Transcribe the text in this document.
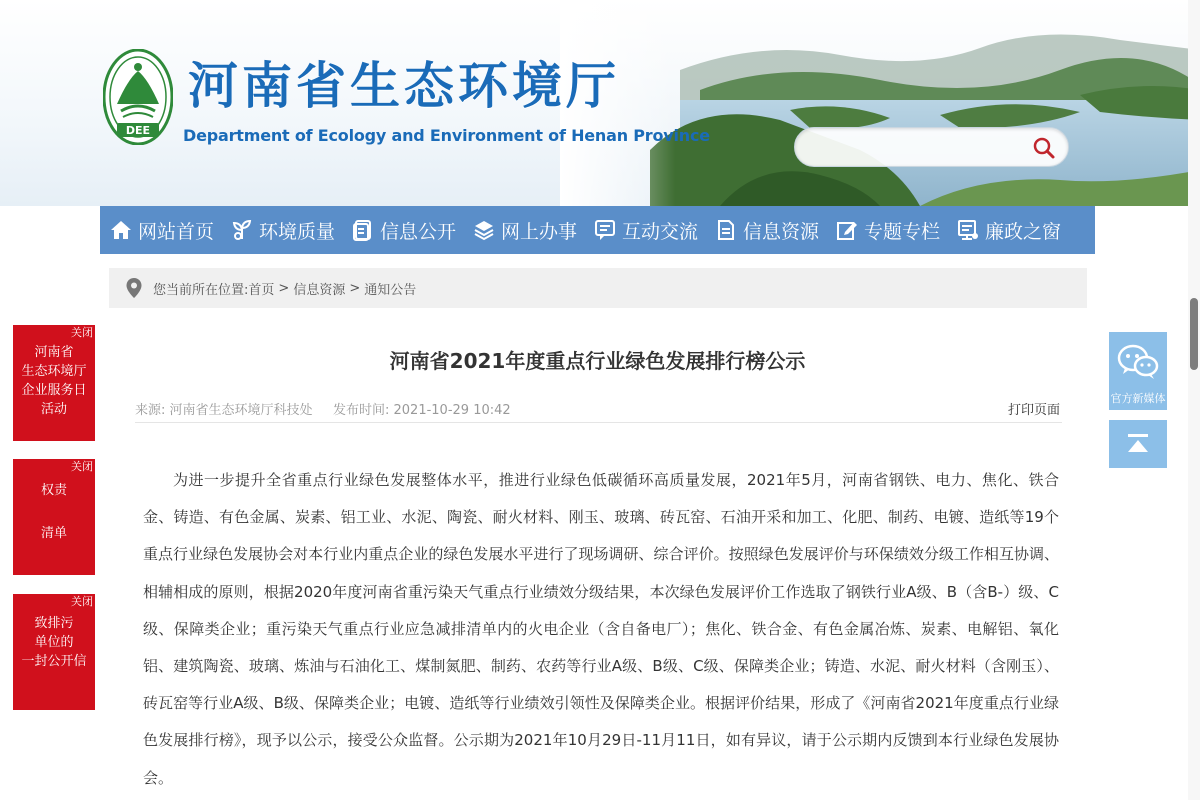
DEE
河南省生态环境厅
Department of Ecology and Environment of Henan Province
网站首页 环境质量 信息公开 网上办事 互动交流 信息资源 专题专栏 廉政之窗
您当前所在位置: 首页 > 信息资源 > 通知公告
河南省2021年度重点行业绿色发展排行榜公示
来源: 河南省生态环境厅科技处 发布时间: 2021-10-29 10:42	打印页面
为进一步提升全省重点行业绿色发展整体水平，推进行业绿色低碳循环高质量发展，2021年5月，河南省钢铁、电力、焦化、铁合金、铸造、有色金属、炭素、铝工业、水泥、陶瓷、耐火材料、刚玉、玻璃、砖瓦窑、石油开采和加工、化肥、制药、电镀、造纸等19个重点行业绿色发展协会对本行业内重点企业的绿色发展水平进行了现场调研、综合评价。按照绿色发展评价与环保绩效分级工作相互协调、相辅相成的原则，根据2020年度河南省重污染天气重点行业绩效分级结果，本次绿色发展评价工作选取了钢铁行业A级、B（含B-）级、C级、保障类企业；重污染天气重点行业应急减排清单内的火电企业（含自备电厂）；焦化、铁合金、有色金属冶炼、炭素、电解铝、氧化铝、建筑陶瓷、玻璃、炼油与石油化工、煤制氮肥、制药、农药等行业A级、B级、C级、保障类企业；铸造、水泥、耐火材料（含刚玉）、砖瓦窑等行业A级、B级、保障类企业；电镀、造纸等行业绩效引领性及保障类企业。根据评价结果，形成了《河南省2021年度重点行业绿色发展排行榜》，现予以公示，接受公众监督。公示期为2021年10月29日-11月11日，如有异议，请于公示期内反馈到本行业绿色发展协会。
关闭
河南省
生态环境厅
企业服务日
活动
关闭
权责
清单
关闭
致排污
单位的
一封公开信
官方新媒体
